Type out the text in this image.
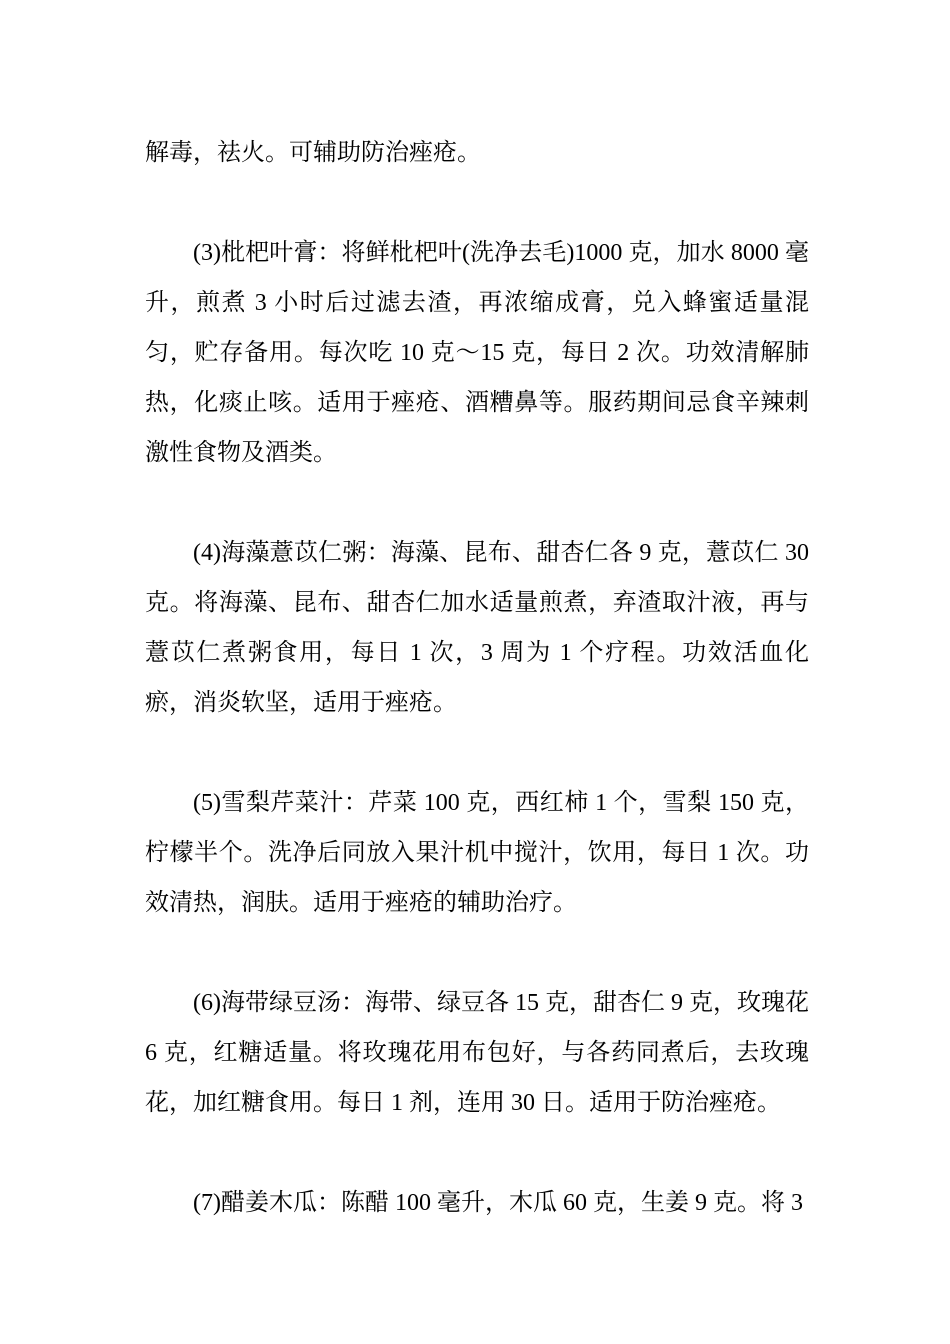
解毒，祛火。可辅助防治痤疮。

(3)枇杷叶膏：将鲜枇杷叶(洗净去毛)1000 克，加水 8000 毫升，煎煮 3 小时后过滤去渣，再浓缩成膏，兑入蜂蜜适量混匀，贮存备用。每次吃 10 克～15 克，每日 2 次。功效清解肺热，化痰止咳。适用于痤疮、酒糟鼻等。服药期间忌食辛辣刺激性食物及酒类。

(4)海藻薏苡仁粥：海藻、昆布、甜杏仁各 9 克，薏苡仁 30 克。将海藻、昆布、甜杏仁加水适量煎煮，弃渣取汁液，再与薏苡仁煮粥食用，每日 1 次，3 周为 1 个疗程。功效活血化瘀，消炎软坚，适用于痤疮。

(5)雪梨芹菜汁：芹菜 100 克，西红柿 1 个，雪梨 150 克，柠檬半个。洗净后同放入果汁机中搅汁，饮用，每日 1 次。功效清热，润肤。适用于痤疮的辅助治疗。

(6)海带绿豆汤：海带、绿豆各 15 克，甜杏仁 9 克，玫瑰花 6 克，红糖适量。将玫瑰花用布包好，与各药同煮后，去玫瑰花，加红糖食用。每日 1 剂，连用 30 日。适用于防治痤疮。

(7)醋姜木瓜：陈醋 100 毫升，木瓜 60 克，生姜 9 克。将 3
